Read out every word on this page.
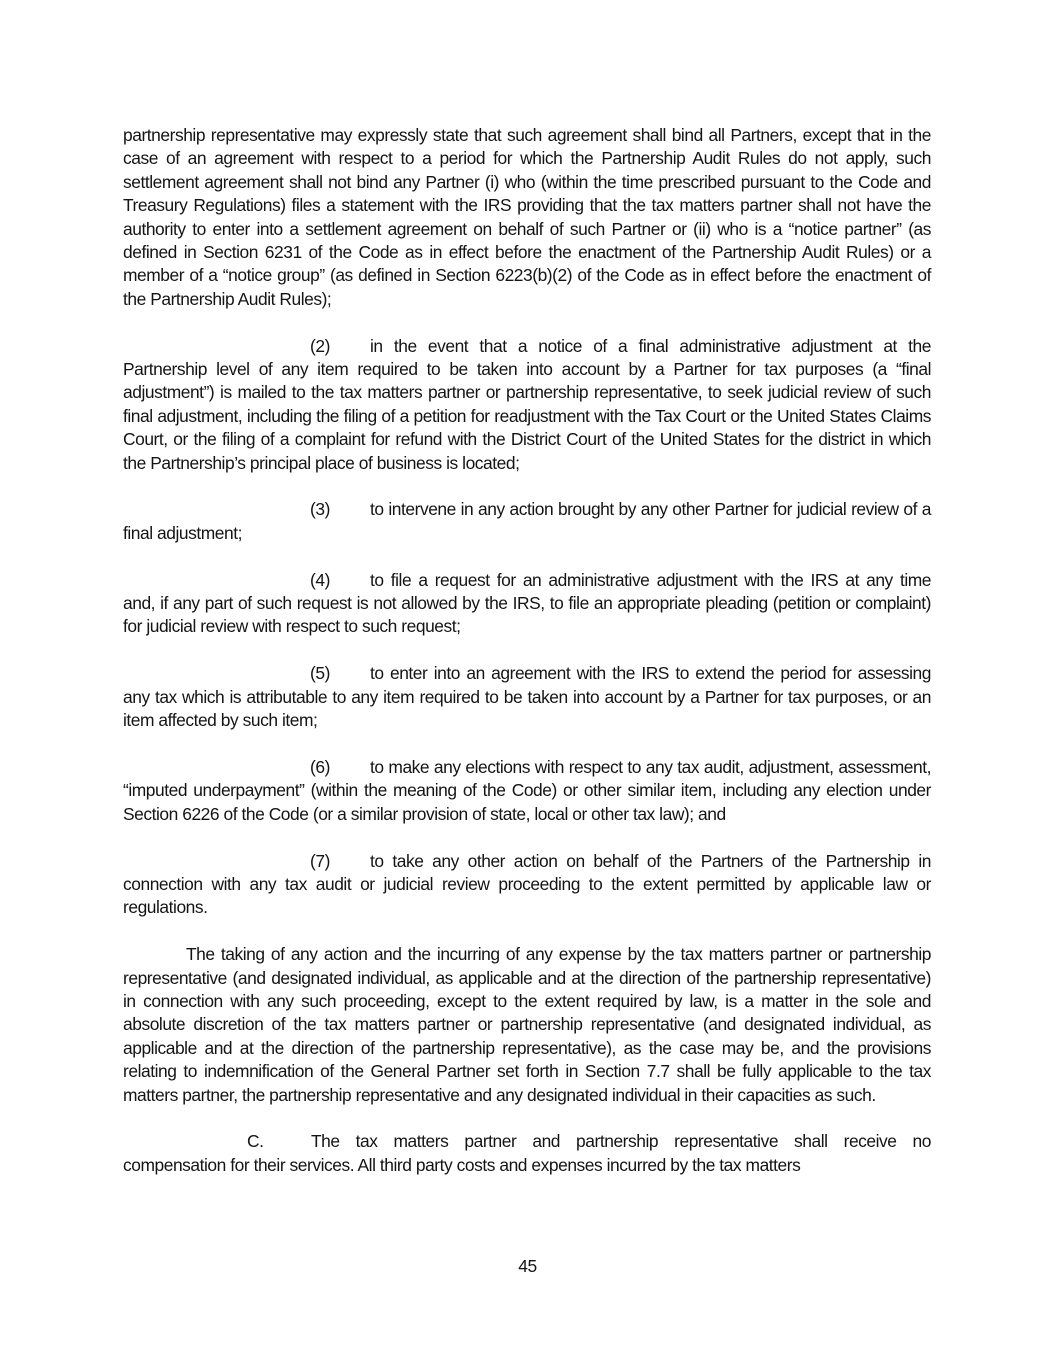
partnership representative may expressly state that such agreement shall bind all Partners, except that in the case of an agreement with respect to a period for which the Partnership Audit Rules do not apply, such settlement agreement shall not bind any Partner (i) who (within the time prescribed pursuant to the Code and Treasury Regulations) files a statement with the IRS providing that the tax matters partner shall not have the authority to enter into a settlement agreement on behalf of such Partner or (ii) who is a “notice partner” (as defined in Section 6231 of the Code as in effect before the enactment of the Partnership Audit Rules) or a member of a “notice group” (as defined in Section 6223(b)(2) of the Code as in effect before the enactment of the Partnership Audit Rules);

(2) in the event that a notice of a final administrative adjustment at the Partnership level of any item required to be taken into account by a Partner for tax purposes (a “final adjustment”) is mailed to the tax matters partner or partnership representative, to seek judicial review of such final adjustment, including the filing of a petition for readjustment with the Tax Court or the United States Claims Court, or the filing of a complaint for refund with the District Court of the United States for the district in which the Partnership’s principal place of business is located;

(3) to intervene in any action brought by any other Partner for judicial review of a final adjustment;

(4) to file a request for an administrative adjustment with the IRS at any time and, if any part of such request is not allowed by the IRS, to file an appropriate pleading (petition or complaint) for judicial review with respect to such request;

(5) to enter into an agreement with the IRS to extend the period for assessing any tax which is attributable to any item required to be taken into account by a Partner for tax purposes, or an item affected by such item;

(6) to make any elections with respect to any tax audit, adjustment, assessment, “imputed underpayment” (within the meaning of the Code) or other similar item, including any election under Section 6226 of the Code (or a similar provision of state, local or other tax law); and

(7) to take any other action on behalf of the Partners of the Partnership in connection with any tax audit or judicial review proceeding to the extent permitted by applicable law or regulations.

The taking of any action and the incurring of any expense by the tax matters partner or partnership representative (and designated individual, as applicable and at the direction of the partnership representative) in connection with any such proceeding, except to the extent required by law, is a matter in the sole and absolute discretion of the tax matters partner or partnership representative (and designated individual, as applicable and at the direction of the partnership representative), as the case may be, and the provisions relating to indemnification of the General Partner set forth in Section 7.7 shall be fully applicable to the tax matters partner, the partnership representative and any designated individual in their capacities as such.

C.	The tax matters partner and partnership representative shall receive no compensation for their services. All third party costs and expenses incurred by the tax matters

45
